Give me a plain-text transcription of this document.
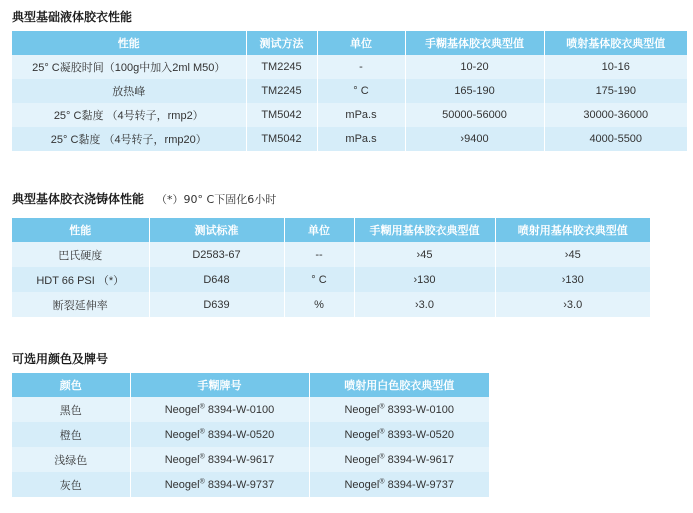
典型基础液体胶衣性能
性能	测试方法	单位	手糊基体胶衣典型值	喷射基体胶衣典型值
25° C凝胶时间（100g中加入2ml M50）	TM2245	-	10-20	10-16
放热峰	TM2245	° C	165-190	175-190
25° C黏度 （4号转子，rmp2）	TM5042	mPa.s	50000-56000	30000-36000
25° C黏度 （4号转子，rmp20）	TM5042	mPa.s	›9400	4000-5500
典型基体胶衣浇铸体性能 （*）90° C下固化6小时
性能	测试标准	单位	手糊用基体胶衣典型值	喷射用基体胶衣典型值
巴氏硬度	D2583-67	--	›45	›45
HDT 66 PSI （*）	D648	° C	›130	›130
断裂延伸率	D639	%	›3.0	›3.0
可选用颜色及牌号
颜色	手糊牌号	喷射用白色胶衣典型值
黑色	Neogel® 8394-W-0100	Neogel® 8393-W-0100
橙色	Neogel® 8394-W-0520	Neogel® 8393-W-0520
浅绿色	Neogel® 8394-W-9617	Neogel® 8394-W-9617
灰色	Neogel® 8394-W-9737	Neogel® 8394-W-9737
